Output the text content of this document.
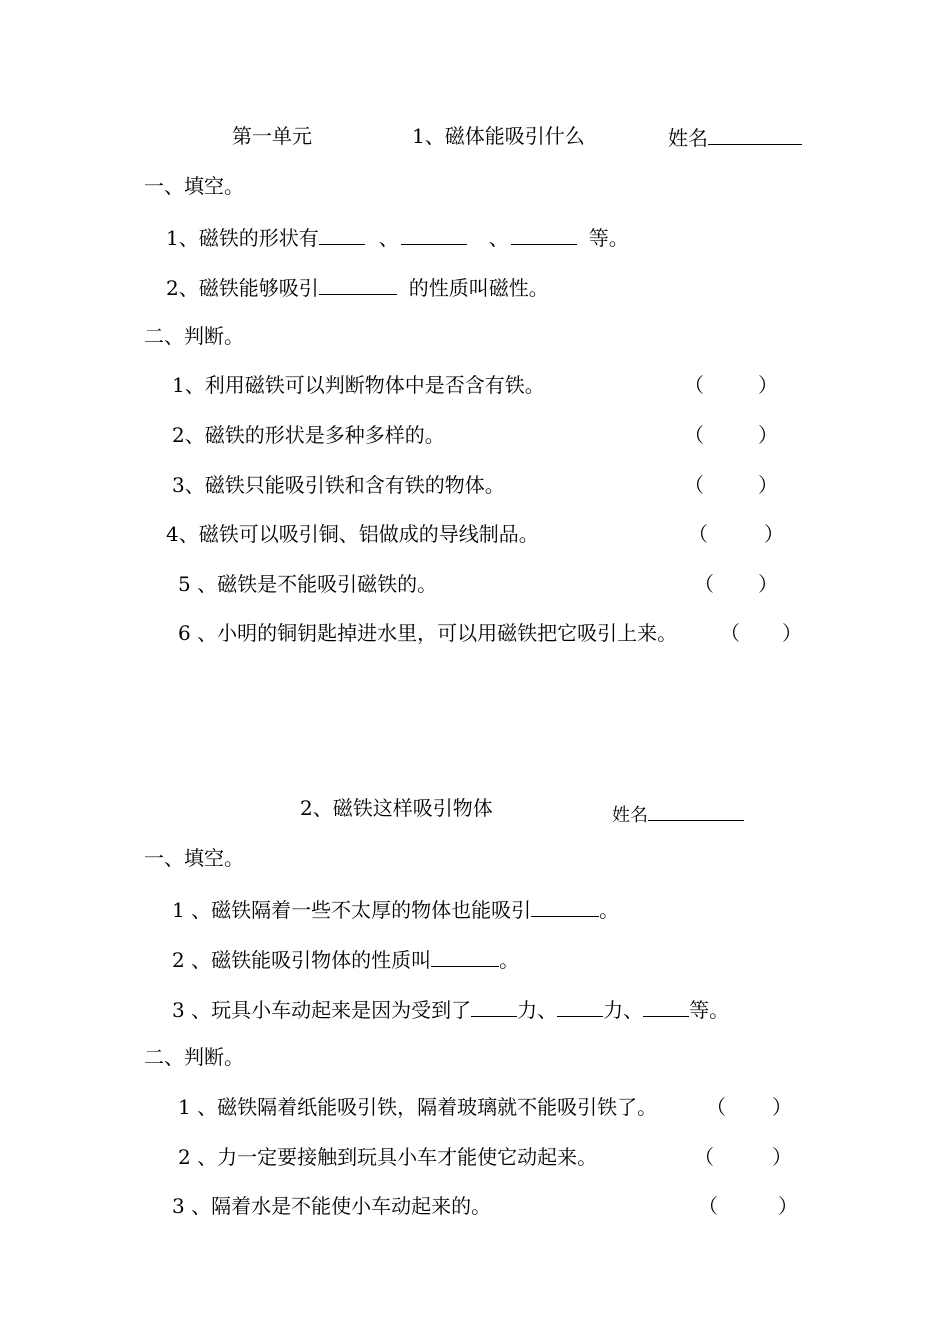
第一单元	1、磁体能吸引什么	姓名
一、填空。
1、磁铁的形状有	、	、	等。
2、磁铁能够吸引	的性质叫磁性。
二、判断。
1、利用磁铁可以判断物体中是否含有铁。	（	）
2、磁铁的形状是多种多样的。	（	）
3、磁铁只能吸引铁和含有铁的物体。	（	）
4、磁铁可以吸引铜、铝做成的导线制品。	（	）
5 、磁铁是不能吸引磁铁的。	（ ）
6 、小明的铜钥匙掉进水里，可以用磁铁把它吸引上来。 （ ）
2、磁铁这样吸引物体	姓名
一、填空。
1 、磁铁隔着一些不太厚的物体也能吸引	。
2 、磁铁能吸引物体的性质叫	。
3 、玩具小车动起来是因为受到了 力、 力、 等。
二、判断。
1 、磁铁隔着纸能吸引铁，隔着玻璃就不能吸引铁了。 （ ）
2 、力一定要接触到玩具小车才能使它动起来。	（	）
3 、隔着水是不能使小车动起来的。	（	）
